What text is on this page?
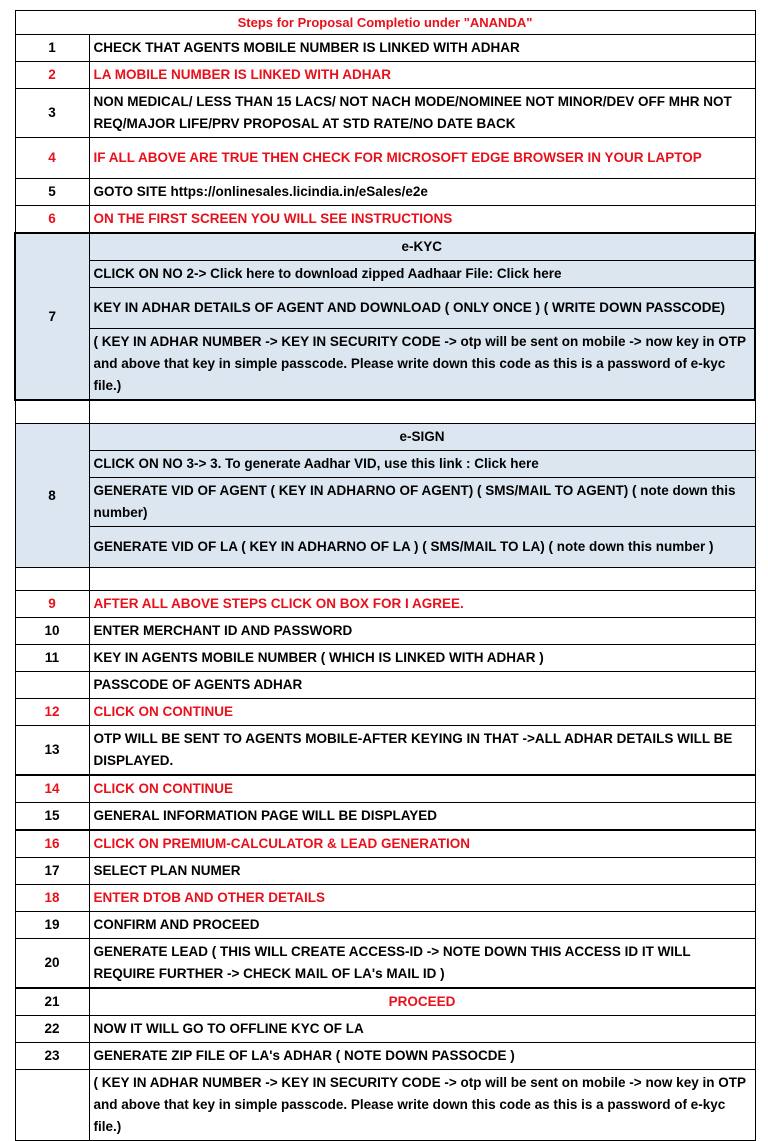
Steps for Proposal Completio under "ANANDA"	
1	CHECK THAT AGENTS MOBILE NUMBER IS LINKED WITH ADHAR
2	LA MOBILE NUMBER IS LINKED WITH ADHAR
3	NON MEDICAL/ LESS THAN 15 LACS/ NOT NACH MODE/NOMINEE NOT MINOR/DEV OFF MHR NOT REQ/MAJOR LIFE/PRV PROPOSAL AT STD RATE/NO DATE BACK
4	IF ALL ABOVE ARE TRUE THEN CHECK FOR MICROSOFT EDGE BROWSER IN YOUR LAPTOP
5	GOTO SITE https://onlinesales.licindia.in/eSales/e2e
6	ON THE FIRST SCREEN YOU WILL SEE INSTRUCTIONS
7	e-KYC
	CLICK ON NO 2-> Click here to download zipped Aadhaar File: Click here
	KEY IN ADHAR DETAILS OF AGENT AND DOWNLOAD ( ONLY ONCE ) ( WRITE DOWN PASSCODE)
	( KEY IN ADHAR NUMBER -> KEY IN SECURITY CODE -> otp will be sent on mobile -> now key in OTP and above that key in simple passcode. Please write down this code as this is a password of e-kyc file.)

8	e-SIGN
	CLICK ON NO 3-> 3. To generate Aadhar VID, use this link : Click here
	GENERATE VID OF AGENT ( KEY IN ADHARNO OF AGENT) ( SMS/MAIL TO AGENT) ( note down this number)
	GENERATE VID OF LA ( KEY IN ADHARNO OF LA ) ( SMS/MAIL TO LA) ( note down this number )

9	AFTER ALL ABOVE STEPS CLICK ON BOX FOR I AGREE.
10	ENTER MERCHANT ID AND PASSWORD
11	KEY IN AGENTS MOBILE NUMBER ( WHICH IS LINKED WITH ADHAR )
	PASSCODE OF AGENTS ADHAR
12	CLICK ON CONTINUE
13	OTP WILL BE SENT TO AGENTS MOBILE-AFTER KEYING IN THAT ->ALL ADHAR DETAILS WILL BE DISPLAYED.
14	CLICK ON CONTINUE
15	GENERAL INFORMATION PAGE WILL BE DISPLAYED
16	CLICK ON PREMIUM-CALCULATOR & LEAD GENERATION
17	SELECT PLAN NUMER
18	ENTER DTOB AND OTHER DETAILS
19	CONFIRM AND PROCEED
20	GENERATE LEAD ( THIS WILL CREATE ACCESS-ID -> NOTE DOWN THIS ACCESS ID IT WILL REQUIRE FURTHER -> CHECK MAIL OF LA's MAIL ID )
21	PROCEED
22	NOW IT WILL GO TO OFFLINE KYC OF LA
23	GENERATE ZIP FILE OF LA's ADHAR ( NOTE DOWN PASSOCDE )
	( KEY IN ADHAR NUMBER -> KEY IN SECURITY CODE -> otp will be sent on mobile -> now key in OTP and above that key in simple passcode. Please write down this code as this is a password of e-kyc file.)
